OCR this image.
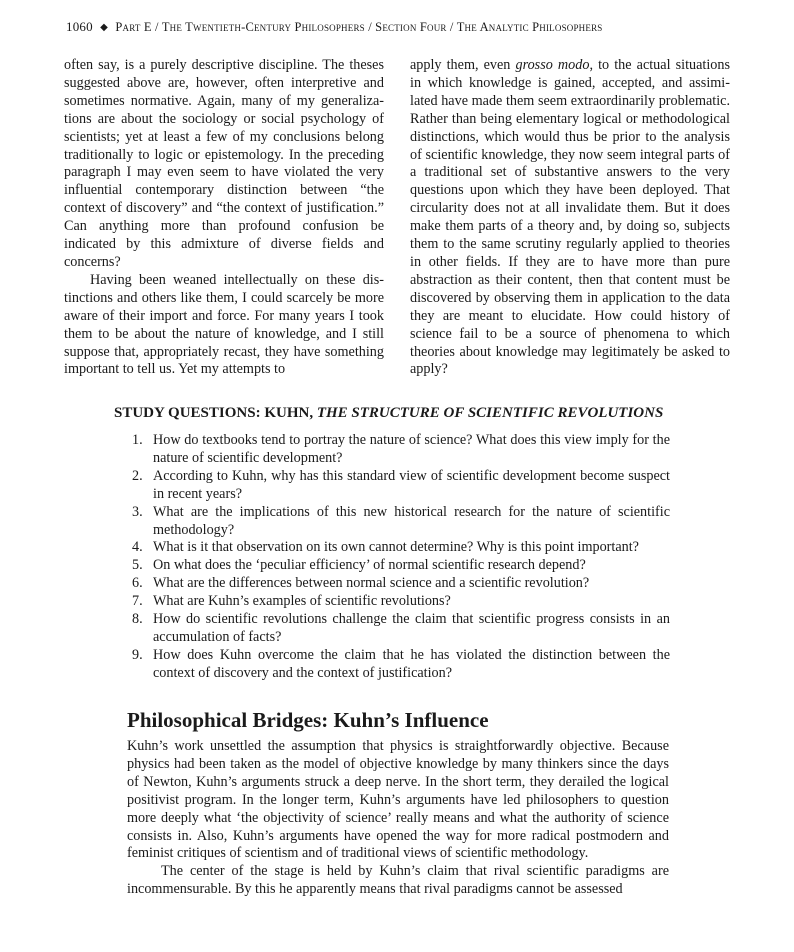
1060 ◆ Part E / The Twentieth-Century Philosophers / Section Four / The Analytic Philosophers

often say, is a purely descriptive discipline. The theses suggested above are, however, often interpretive and sometimes normative. Again, many of my generalizations are about the sociology or social psychology of scientists; yet at least a few of my conclusions belong traditionally to logic or epistemology. In the preceding paragraph I may even seem to have violated the very influential contemporary distinction between “the context of discovery” and “the context of justification.” Can anything more than profound confusion be indicated by this admixture of diverse fields and concerns?

Having been weaned intellectually on these distinctions and others like them, I could scarcely be more aware of their import and force. For many years I took them to be about the nature of knowledge, and I still suppose that, appropriately recast, they have something important to tell us. Yet my attempts to

apply them, even grosso modo, to the actual situations in which knowledge is gained, accepted, and assimilated have made them seem extraordinarily problematic. Rather than being elementary logical or methodological distinctions, which would thus be prior to the analysis of scientific knowledge, they now seem integral parts of a traditional set of substantive answers to the very questions upon which they have been deployed. That circularity does not at all invalidate them. But it does make them parts of a theory and, by doing so, subjects them to the same scrutiny regularly applied to theories in other fields. If they are to have more than pure abstraction as their content, then that content must be discovered by observing them in application to the data they are meant to elucidate. How could history of science fail to be a source of phenomena to which theories about knowledge may legitimately be asked to apply?

STUDY QUESTIONS: KUHN, THE STRUCTURE OF SCIENTIFIC REVOLUTIONS
1. How do textbooks tend to portray the nature of science? What does this view imply for the nature of scientific development?
2. According to Kuhn, why has this standard view of scientific development become suspect in recent years?
3. What are the implications of this new historical research for the nature of scientific methodology?
4. What is it that observation on its own cannot determine? Why is this point important?
5. On what does the ‘peculiar efficiency’ of normal scientific research depend?
6. What are the differences between normal science and a scientific revolution?
7. What are Kuhn’s examples of scientific revolutions?
8. How do scientific revolutions challenge the claim that scientific progress consists in an accumulation of facts?
9. How does Kuhn overcome the claim that he has violated the distinction between the context of discovery and the context of justification?
Philosophical Bridges: Kuhn’s Influence

Kuhn’s work unsettled the assumption that physics is straightforwardly objective. Because physics had been taken as the model of objective knowledge by many thinkers since the days of Newton, Kuhn’s arguments struck a deep nerve. In the short term, they derailed the logical positivist program. In the longer term, Kuhn’s arguments have led philosophers to question more deeply what ‘the objectivity of science’ really means and what the authority of science consists in. Also, Kuhn’s arguments have opened the way for more radical postmodern and feminist critiques of scientism and of traditional views of scientific methodology.

The center of the stage is held by Kuhn’s claim that rival scientific paradigms are incommensurable. By this he apparently means that rival paradigms cannot be assessed
